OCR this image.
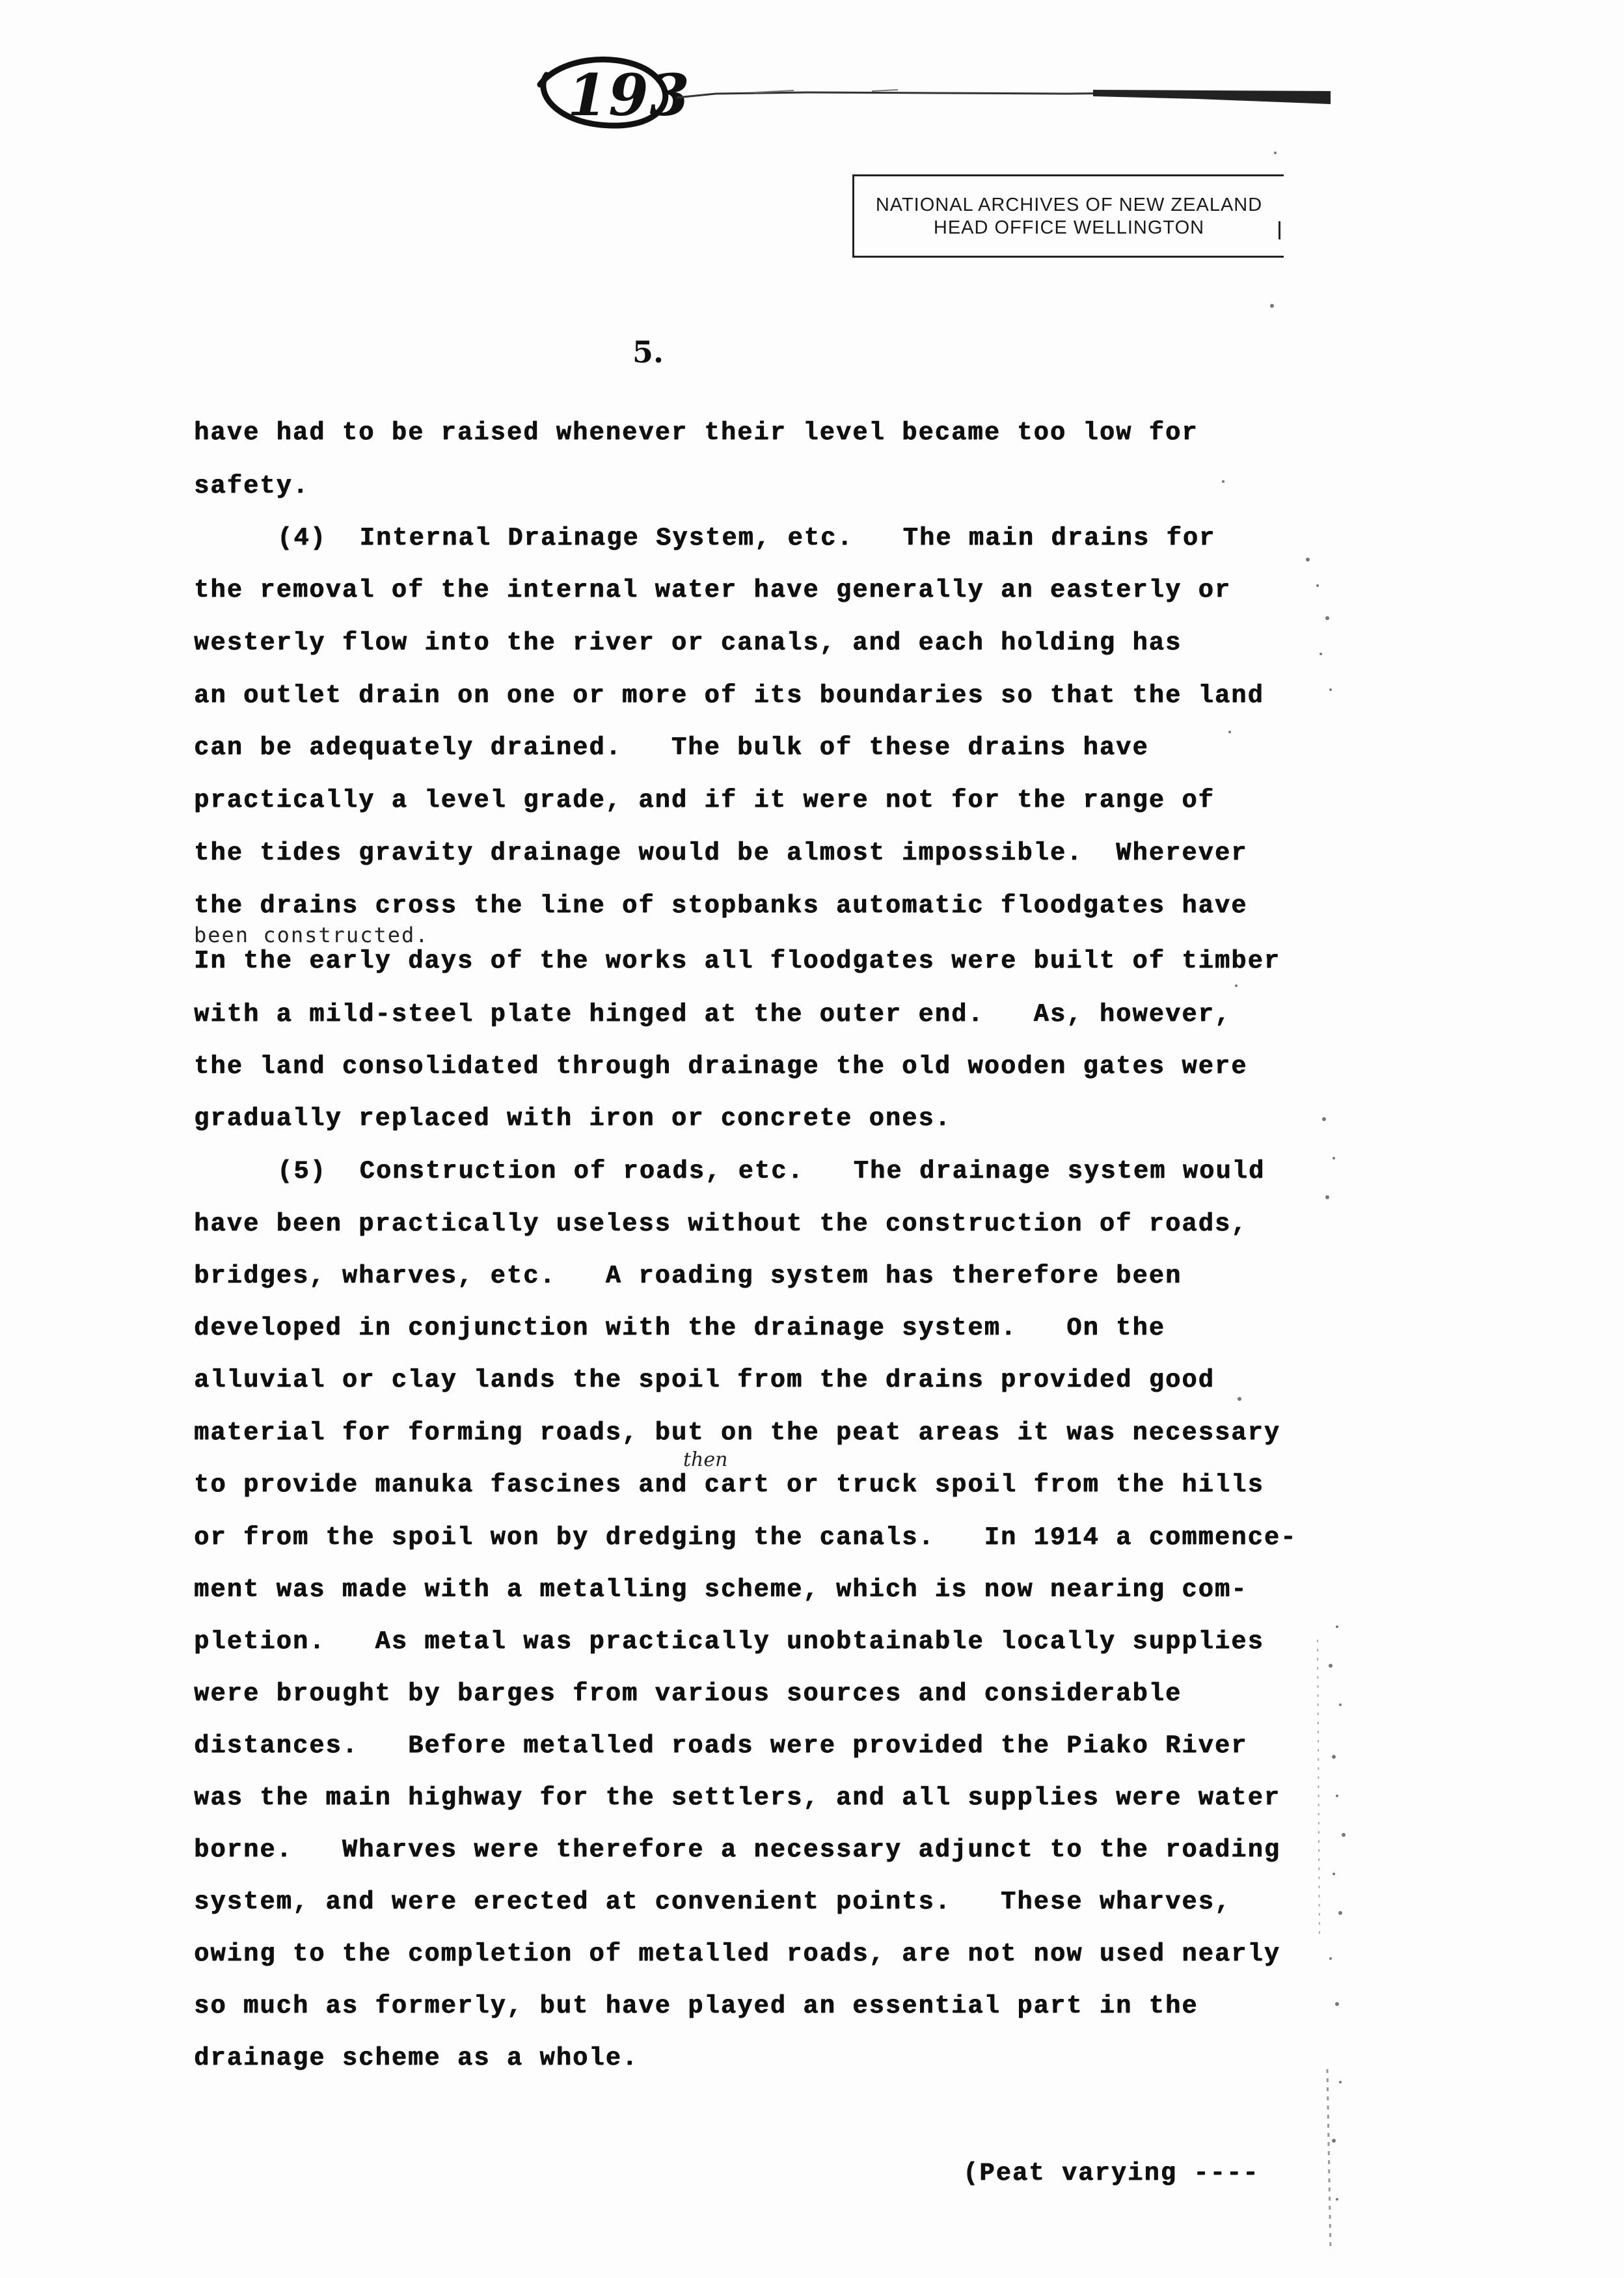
193
NATIONAL ARCHIVES OF NEW ZEALAND
HEAD OFFICE WELLINGTON
5.
have had to be raised whenever their level became too low for
safety.
(4)  Internal Drainage System, etc.   The main drains for
the removal of the internal water have generally an easterly or
westerly flow into the river or canals, and each holding has
an outlet drain on one or more of its boundaries so that the land
can be adequately drained.   The bulk of these drains have
practically a level grade, and if it were not for the range of
the tides gravity drainage would be almost impossible.  Wherever
the drains cross the line of stopbanks automatic floodgates have
been constructed.
In the early days of the works all floodgates were built of timber
with a mild-steel plate hinged at the outer end.   As, however,
the land consolidated through drainage the old wooden gates were
gradually replaced with iron or concrete ones.
(5)  Construction of roads, etc.   The drainage system would
have been practically useless without the construction of roads,
bridges, wharves, etc.   A roading system has therefore been
developed in conjunction with the drainage system.   On the
alluvial or clay lands the spoil from the drains provided good
material for forming roads, but on the peat areas it was necessary
then
to provide manuka fascines and cart or truck spoil from the hills
or from the spoil won by dredging the canals.   In 1914 a commence-
ment was made with a metalling scheme, which is now nearing com-
pletion.   As metal was practically unobtainable locally supplies
were brought by barges from various sources and considerable
distances.   Before metalled roads were provided the Piako River
was the main highway for the settlers, and all supplies were water
borne.   Wharves were therefore a necessary adjunct to the roading
system, and were erected at convenient points.   These wharves,
owing to the completion of metalled roads, are not now used nearly
so much as formerly, but have played an essential part in the
drainage scheme as a whole.
(Peat varying ----
